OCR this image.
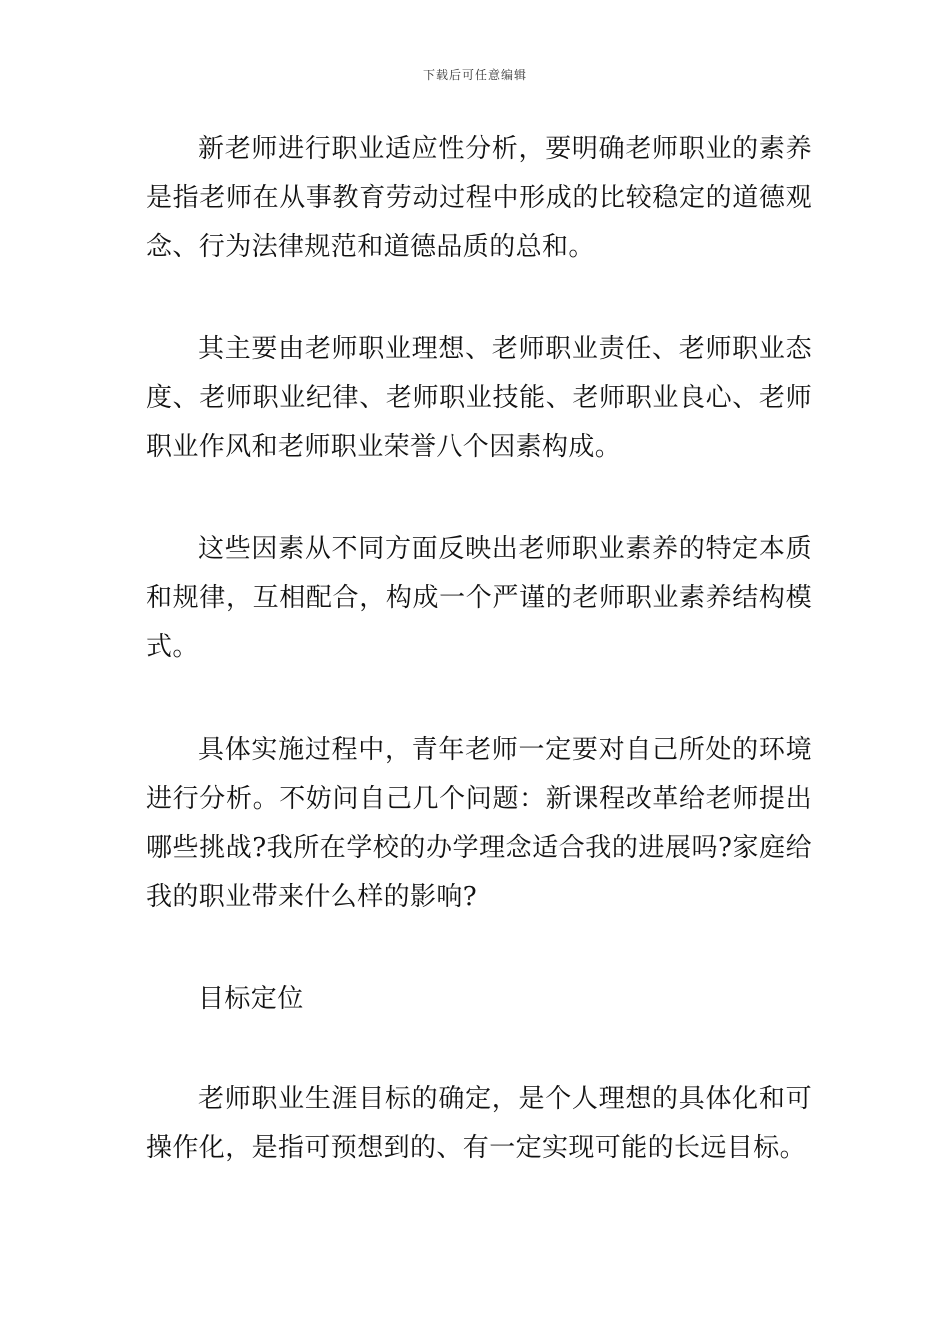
下载后可任意编辑

新老师进行职业适应性分析，要明确老师职业的素养是指老师在从事教育劳动过程中形成的比较稳定的道德观念、行为法律规范和道德品质的总和。

其主要由老师职业理想、老师职业责任、老师职业态度、老师职业纪律、老师职业技能、老师职业良心、老师职业作风和老师职业荣誉八个因素构成。

这些因素从不同方面反映出老师职业素养的特定本质和规律，互相配合，构成一个严谨的老师职业素养结构模式。

具体实施过程中，青年老师一定要对自己所处的环境进行分析。不妨问自己几个问题：新课程改革给老师提出哪些挑战?我所在学校的办学理念适合我的进展吗?家庭给我的职业带来什么样的影响?

目标定位

老师职业生涯目标的确定，是个人理想的具体化和可操作化，是指可预想到的、有一定实现可能的长远目标。
